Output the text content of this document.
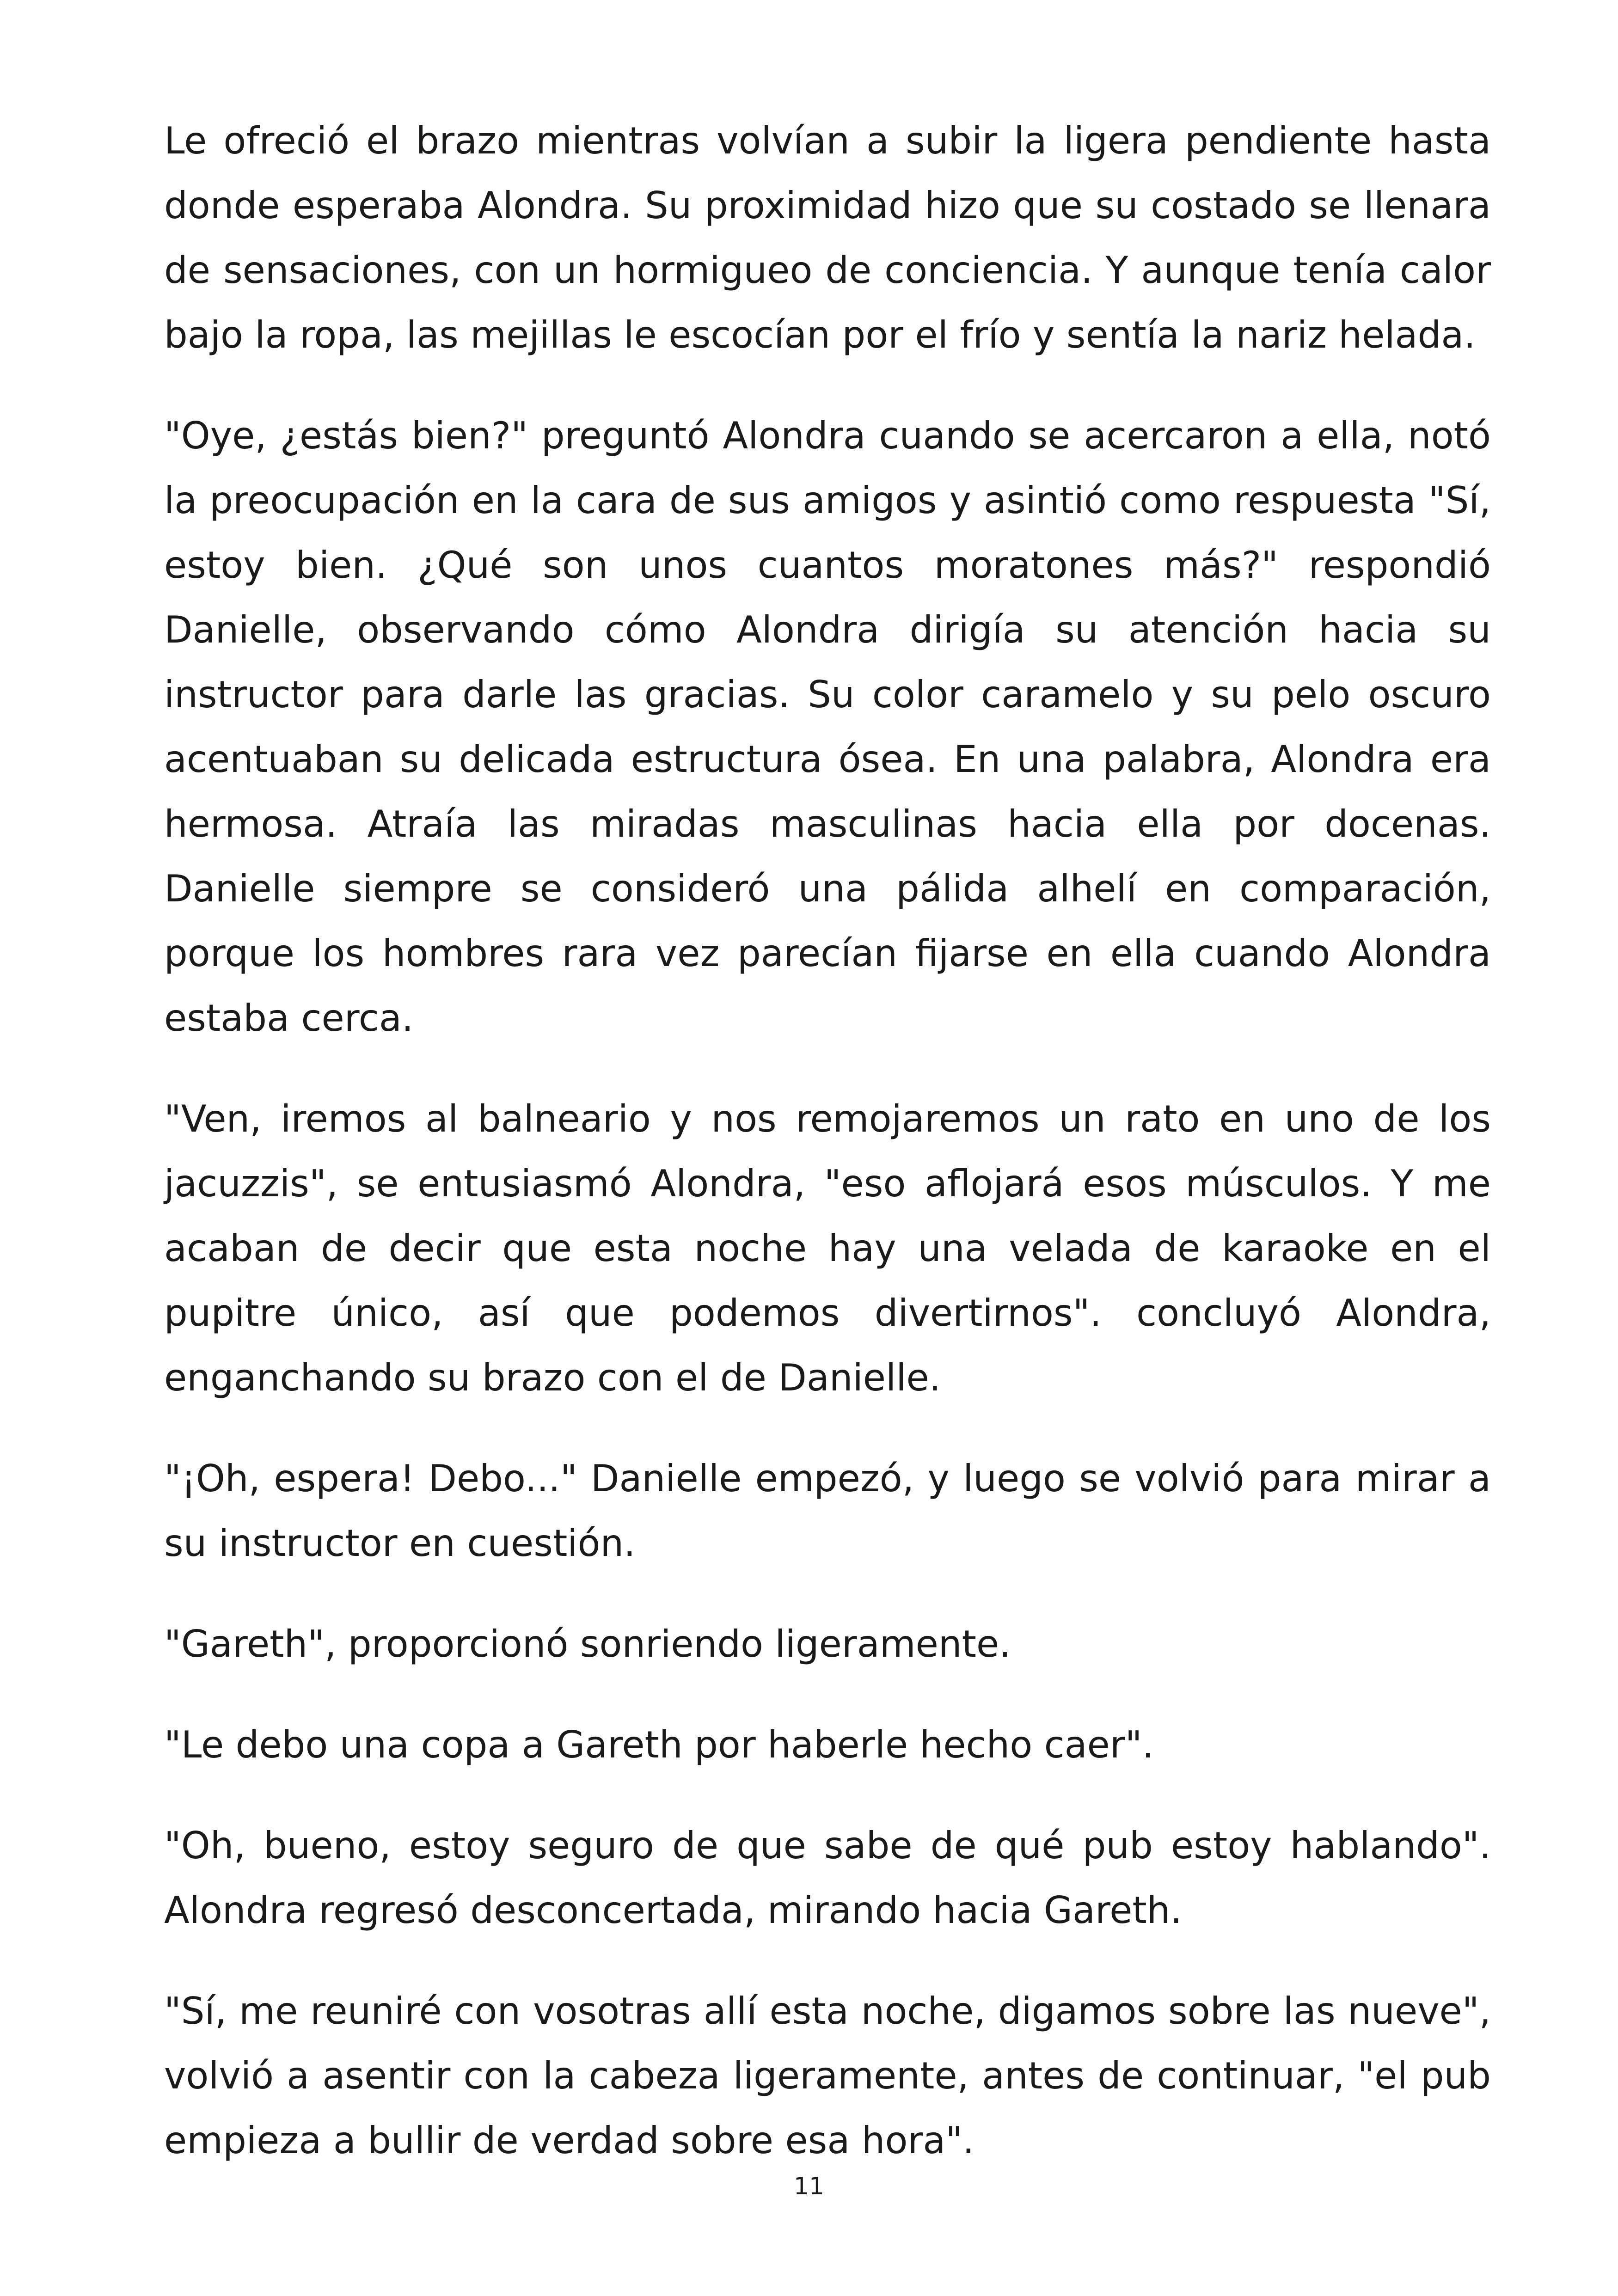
Le ofreció el brazo mientras volvían a subir la ligera pendiente hasta donde esperaba Alondra. Su proximidad hizo que su costado se llenara de sensaciones, con un hormigueo de conciencia. Y aunque tenía calor bajo la ropa, las mejillas le escocían por el frío y sentía la nariz helada.

"Oye, ¿estás bien?" preguntó Alondra cuando se acercaron a ella, notó la preocupación en la cara de sus amigos y asintió como respuesta "Sí, estoy bien. ¿Qué son unos cuantos moratones más?" respondió Danielle, observando cómo Alondra dirigía su atención hacia su instructor para darle las gracias. Su color caramelo y su pelo oscuro acentuaban su delicada estructura ósea. En una palabra, Alondra era hermosa. Atraía las miradas masculinas hacia ella por docenas. Danielle siempre se consideró una pálida alhelí en comparación, porque los hombres rara vez parecían fijarse en ella cuando Alondra estaba cerca.

"Ven, iremos al balneario y nos remojaremos un rato en uno de los jacuzzis", se entusiasmó Alondra, "eso aflojará esos músculos. Y me acaban de decir que esta noche hay una velada de karaoke en el pupitre único, así que podemos divertirnos". concluyó Alondra, enganchando su brazo con el de Danielle.

"¡Oh, espera! Debo..." Danielle empezó, y luego se volvió para mirar a su instructor en cuestión.

"Gareth", proporcionó sonriendo ligeramente.

"Le debo una copa a Gareth por haberle hecho caer".

"Oh, bueno, estoy seguro de que sabe de qué pub estoy hablando". Alondra regresó desconcertada, mirando hacia Gareth.

"Sí, me reuniré con vosotras allí esta noche, digamos sobre las nueve", volvió a asentir con la cabeza ligeramente, antes de continuar, "el pub empieza a bullir de verdad sobre esa hora".

11
